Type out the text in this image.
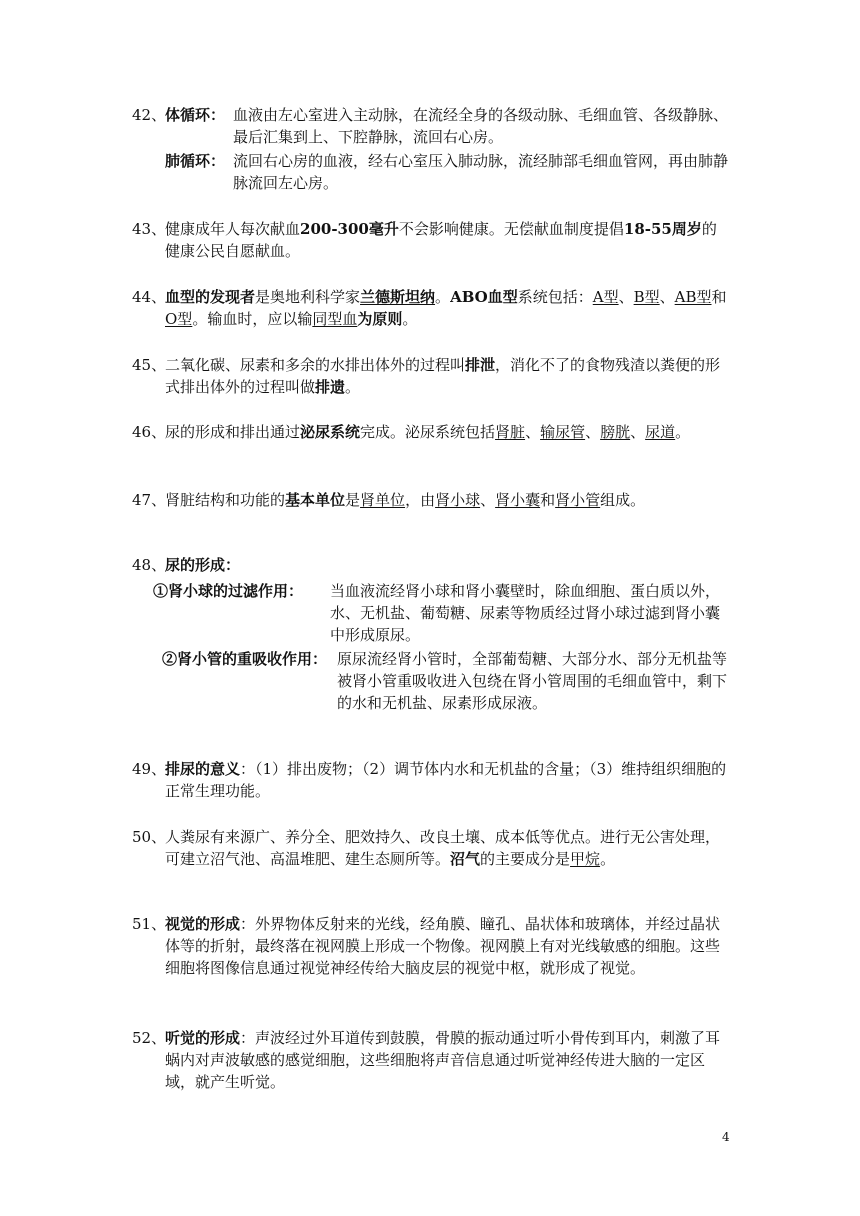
42、
体循环： 血液由左心室进入主动脉，在流经全身的各级动脉、毛细血管、各级静脉、最后汇集到上、下腔静脉，流回右心房。
肺循环： 流回右心房的血液，经右心室压入肺动脉，流经肺部毛细血管网，再由肺静脉流回左心房。
43、
健康成年人每次献血200-300毫升不会影响健康。无偿献血制度提倡18-55周岁的健康公民自愿献血。
44、
血型的发现者是奥地利科学家兰德斯坦纳。ABO血型系统包括：A型、B型、AB型和O型。输血时，应以输同型血为原则。
45、
二氧化碳、尿素和多余的水排出体外的过程叫排泄，消化不了的食物残渣以粪便的形式排出体外的过程叫做排遗。
46、
尿的形成和排出通过泌尿系统完成。泌尿系统包括肾脏、输尿管、膀胱、尿道。
47、
肾脏结构和功能的基本单位是肾单位，由肾小球、肾小囊和肾小管组成。
48、
尿的形成：
①肾小球的过滤作用： 当血液流经肾小球和肾小囊壁时，除血细胞、蛋白质以外，水、无机盐、葡萄糖、尿素等物质经过肾小球过滤到肾小囊中形成原尿。
②肾小管的重吸收作用： 原尿流经肾小管时，全部葡萄糖、大部分水、部分无机盐等被肾小管重吸收进入包绕在肾小管周围的毛细血管中，剩下的水和无机盐、尿素形成尿液。
49、
排尿的意义：（1）排出废物；（2）调节体内水和无机盐的含量；（3）维持组织细胞的正常生理功能。
50、
人粪尿有来源广、养分全、肥效持久、改良土壤、成本低等优点。进行无公害处理，可建立沼气池、高温堆肥、建生态厕所等。沼气的主要成分是甲烷。
51、
视觉的形成：外界物体反射来的光线，经角膜、瞳孔、晶状体和玻璃体，并经过晶状体等的折射，最终落在视网膜上形成一个物像。视网膜上有对光线敏感的细胞。这些细胞将图像信息通过视觉神经传给大脑皮层的视觉中枢，就形成了视觉。
52、
听觉的形成：声波经过外耳道传到鼓膜，骨膜的振动通过听小骨传到耳内，刺激了耳蜗内对声波敏感的感觉细胞，这些细胞将声音信息通过听觉神经传进大脑的一定区域，就产生听觉。
4
